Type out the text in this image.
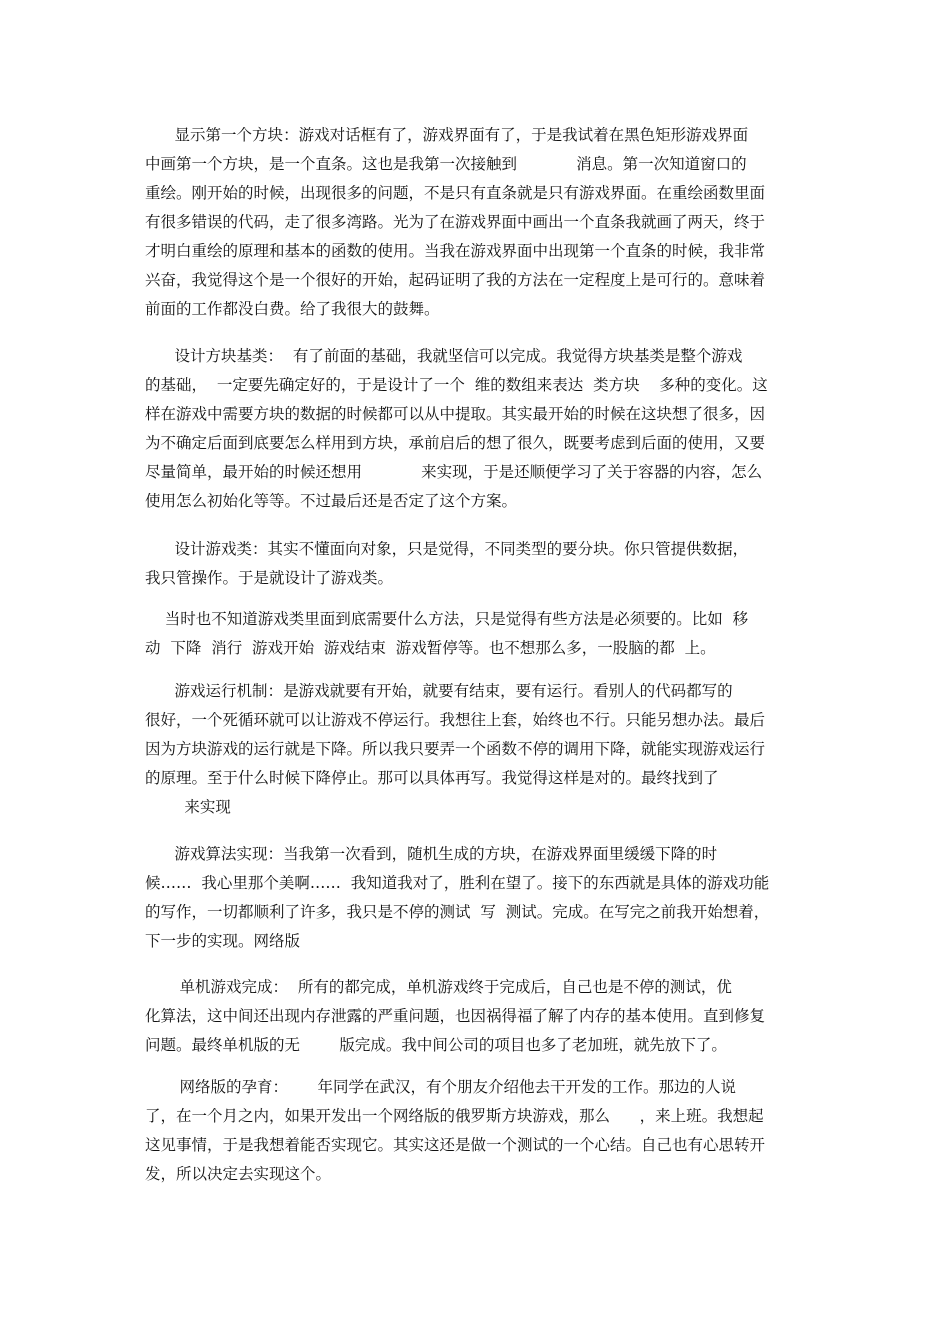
显示第一个方块：游戏对话框有了，游戏界面有了，于是我试着在黑色矩形游戏界面
中画第一个方块，是一个直条。这也是我第一次接触到            消息。第一次知道窗口的
重绘。刚开始的时候，出现很多的问题，不是只有直条就是只有游戏界面。在重绘函数里面
有很多错误的代码，走了很多湾路。光为了在游戏界面中画出一个直条我就画了两天，终于
才明白重绘的原理和基本的函数的使用。当我在游戏界面中出现第一个直条的时候，我非常
兴奋，我觉得这个是一个很好的开始，起码证明了我的方法在一定程度上是可行的。意味着
前面的工作都没白费。给了我很大的鼓舞。
设计方块基类：  有了前面的基础，我就坚信可以完成。我觉得方块基类是整个游戏
的基础，  一定要先确定好的，于是设计了一个  维的数组来表达  类方块    多种的变化。这
样在游戏中需要方块的数据的时候都可以从中提取。其实最开始的时候在这块想了很多，因
为不确定后面到底要怎么样用到方块，承前启后的想了很久，既要考虑到后面的使用，又要
尽量简单，最开始的时候还想用            来实现，于是还顺便学习了关于容器的内容，怎么
使用怎么初始化等等。不过最后还是否定了这个方案。
设计游戏类：其实不懂面向对象，只是觉得，不同类型的要分块。你只管提供数据，
我只管操作。于是就设计了游戏类。
当时也不知道游戏类里面到底需要什么方法，只是觉得有些方法是必须要的。比如  移
动  下降  消行  游戏开始  游戏结束  游戏暂停等。也不想那么多，一股脑的都  上。
游戏运行机制：是游戏就要有开始，就要有结束，要有运行。看别人的代码都写的
很好，一个死循环就可以让游戏不停运行。我想往上套，始终也不行。只能另想办法。最后
因为方块游戏的运行就是下降。所以我只要弄一个函数不停的调用下降，就能实现游戏运行
的原理。至于什么时候下降停止。那可以具体再写。我觉得这样是对的。最终找到了
来实现
游戏算法实现：当我第一次看到，随机生成的方块，在游戏界面里缓缓下降的时
候……  我心里那个美啊……  我知道我对了，胜利在望了。接下的东西就是具体的游戏功能
的写作，一切都顺利了许多，我只是不停的测试  写  测试。完成。在写完之前我开始想着，
下一步的实现。网络版
单机游戏完成：  所有的都完成，单机游戏终于完成后，自己也是不停的测试，优
化算法，这中间还出现内存泄露的严重问题，也因祸得福了解了内存的基本使用。直到修复
问题。最终单机版的无        版完成。我中间公司的项目也多了老加班，就先放下了。
网络版的孕育：      年同学在武汉，有个朋友介绍他去干开发的工作。那边的人说
了，在一个月之内，如果开发出一个网络版的俄罗斯方块游戏，那么      ，来上班。我想起
这见事情，于是我想着能否实现它。其实这还是做一个测试的一个心结。自己也有心思转开
发，所以决定去实现这个。
